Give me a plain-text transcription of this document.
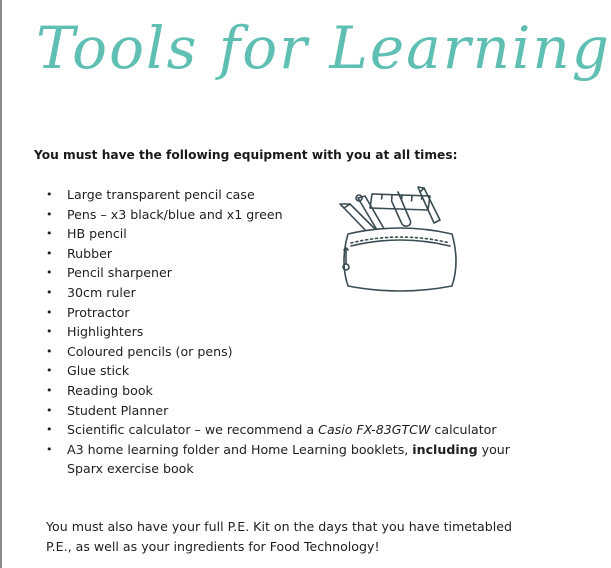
Tools for Learning
You must have the following equipment with you at all times:
• Large transparent pencil case
• Pens – x3 black/blue and x1 green
• HB pencil
• Rubber
• Pencil sharpener
• 30cm ruler
• Protractor
• Highlighters
• Coloured pencils (or pens)
• Glue stick
• Reading book
• Student Planner
• Scientific calculator – we recommend a Casio FX-83GTCW calculator
• A3 home learning folder and Home Learning booklets, including your Sparx exercise book
You must also have your full P.E. Kit on the days that you have timetabled P.E., as well as your ingredients for Food Technology!
